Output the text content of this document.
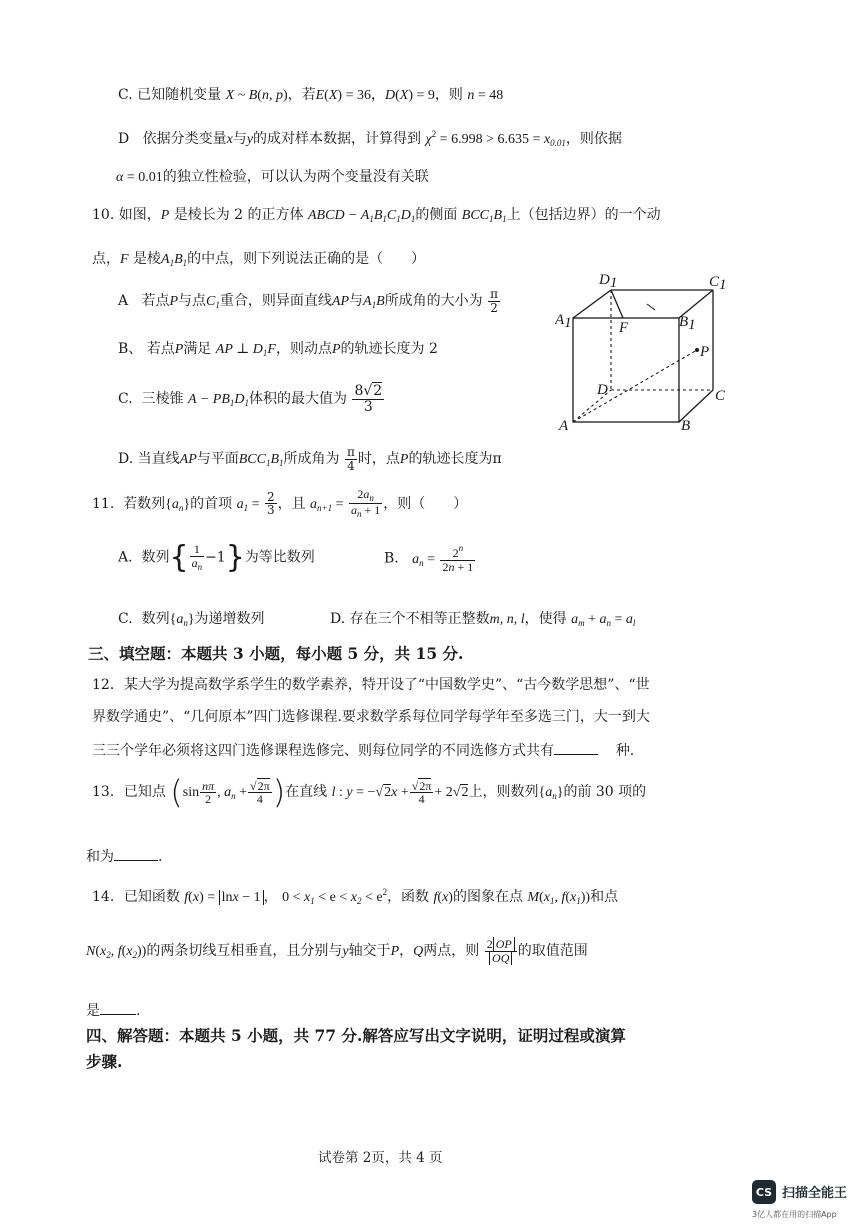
C. 已知随机变量 X ~ B(n, p)，若E(X) = 36，D(X) = 9，则 n = 48
D 依据分类变量x与y的成对样本数据，计算得到 $\chi^2 = 6.998 > 6.635 = x_{0.01}$，则依据
α = 0.01的独立性检验，可以认为两个变量没有关联
10. 如图，P 是棱长为 2 的正方体 ABCD − $A_1B_1C_1D_1$的侧面 $BCC_1B_1$上（包括边界）的一个动
点，F 是棱$A_1B_1$的中点，则下列说法正确的是（　　）
A 若点P与点$C_1$重合，则异面直线AP与$A_1B$所成角的大小为 $\frac{\pi}{2}$
B、 若点P满足 AP ⊥ $D_1F$，则动点P的轨迹长度为 2
C. 三棱锥 $A - PB_1D_1$体积的最大值为 $\frac{8√2}{3}$
D. 当直线AP与平面$BCC_1B_1$所成角为 $\frac{\pi}{4}$ 时，点P的轨迹长度为π
D1	C1
A1	F	B1
P
D	C
A	B
11. 若数列$\{a_n\}$的首项 $a_1 = \frac{2}{3}$ ，且 $a_{n+1} = \frac{2a_n}{a_n + 1}$ ，则（　　）
A. 数列{ $\frac{1}{a_n} -1$}为等比数列	B. $a_n = \frac{2^n}{2n + 1}$
C. 数列$\{a_n\}$为递增数列	D. 存在三个不相等正整数m, n, l，使得 $a_m + a_n = a_l$
三、填空题：本题共 3 小题，每小题 5 分，共 15 分.
12．某大学为提高数学系学生的数学素养，特开设了“中国数学史”、“古今数学思想”、“世
界数学通史”、“几何原本”四门选修课程.要求数学系每位同学每学年至多选三门，大一到大
三三个学年必须将这四门选修课程选修完、则每位同学的不同选修方式共有	种.
13．已知点 ($\sin \frac{n\pi}{2}$ , $a_n + \frac{√2\pi}{4}$ )在直线 l : $y = -√2x + \frac{√2\pi}{4} + 2√2$上，则数列$\{a_n\}$的前 30 项的
和为	.
14．已知函数 f(x) = lnx − 1 ， $0 < x_1 < e < x_2 < e^2$，函数 f(x)的图象在点 $M(x_1$, $f(x_1)$)和点
$N(x_2$, $f(x_2)$)的两条切线互相垂直，且分别与y轴交于P，Q两点，则 $\frac{2 OP}{OQ}$ 的取值范围
是	.
四、解答题：本题共 5 小题，共 77 分.解答应写出文字说明，证明过程或演算
步骤.
试卷第 2页，共 4 页
CS 扫描全能王
3亿人都在用的扫描App
